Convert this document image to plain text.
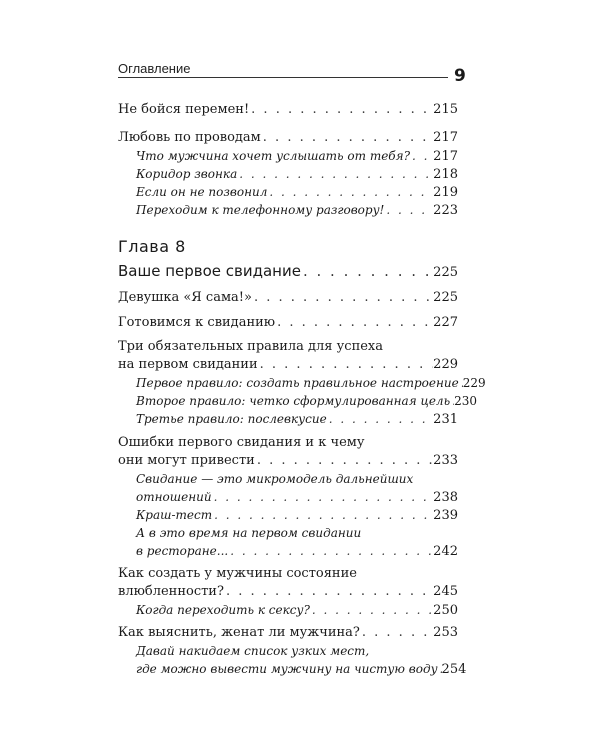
Оглавление	9
Не бойся перемен! . . .	215
Любовь по проводам . . .	217
Что мужчина хочет услышать от тебя? . . . 217
Коридор звонка . . .	218
Если он не позвонил . . .	219
Переходим к телефонному разговору! . . .	223
Глава 8
Ваше первое свидание . . .	225
Девушка «Я сама!» . . .	225
Готовимся к свиданию . . .	227
Три обязательных правила для успеха
на первом свидании . . .	229
Первое правило: создать правильное настроение . . . 229
Второе правило: четко сформулированная цель . . . 230
Третье правило: послевкусие . . .	231
Ошибки первого свидания и к чему
они могут привести . . .	233
Свидание — это микромодель дальнейших
отношений . . .	238
Краш-тест . . .	239
А в это время на первом свидании
в ресторане... . . .	242
Как создать у мужчины состояние
влюбленности? . . .	245
Когда переходить к сексу? . . .	250
Как выяснить, женат ли мужчина? . . .	253
Давай накидаем список узких мест,
где можно вывести мужчину на чистую воду . . . 254
